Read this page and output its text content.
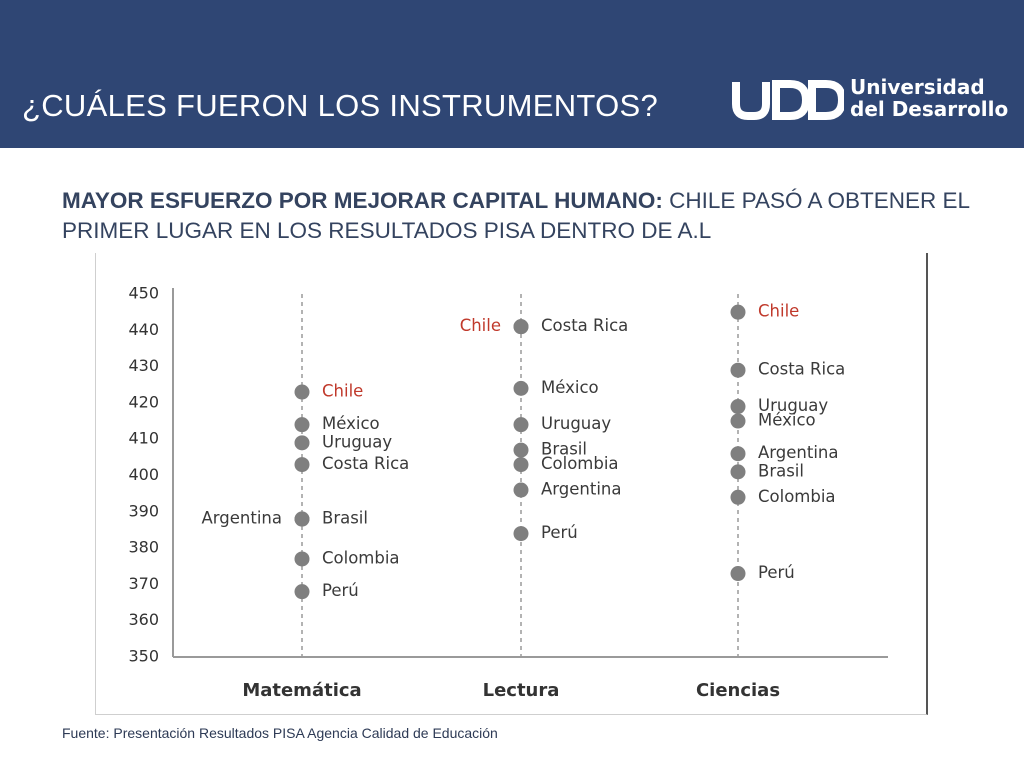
¿CUÁLES FUERON LOS INSTRUMENTOS?
Universidad
del Desarrollo
MAYOR ESFUERZO POR MEJORAR CAPITAL HUMANO: CHILE PASÓ A OBTENER EL PRIMER LUGAR EN LOS RESULTADOS PISA DENTRO DE A.L
350
360
370
380
390
400
410
420
430
440
450
Matemática	Lectura	Ciencias
Chile
México
Uruguay
Costa Rica
Argentina Brasil
Colombia
Perú
Chile Costa Rica
México
Uruguay
Brasil
Colombia
Argentina
Perú
Chile
Costa Rica
Uruguay
México
Argentina
Brasil
Colombia
Perú
Fuente: Presentación Resultados PISA Agencia Calidad de Educación
